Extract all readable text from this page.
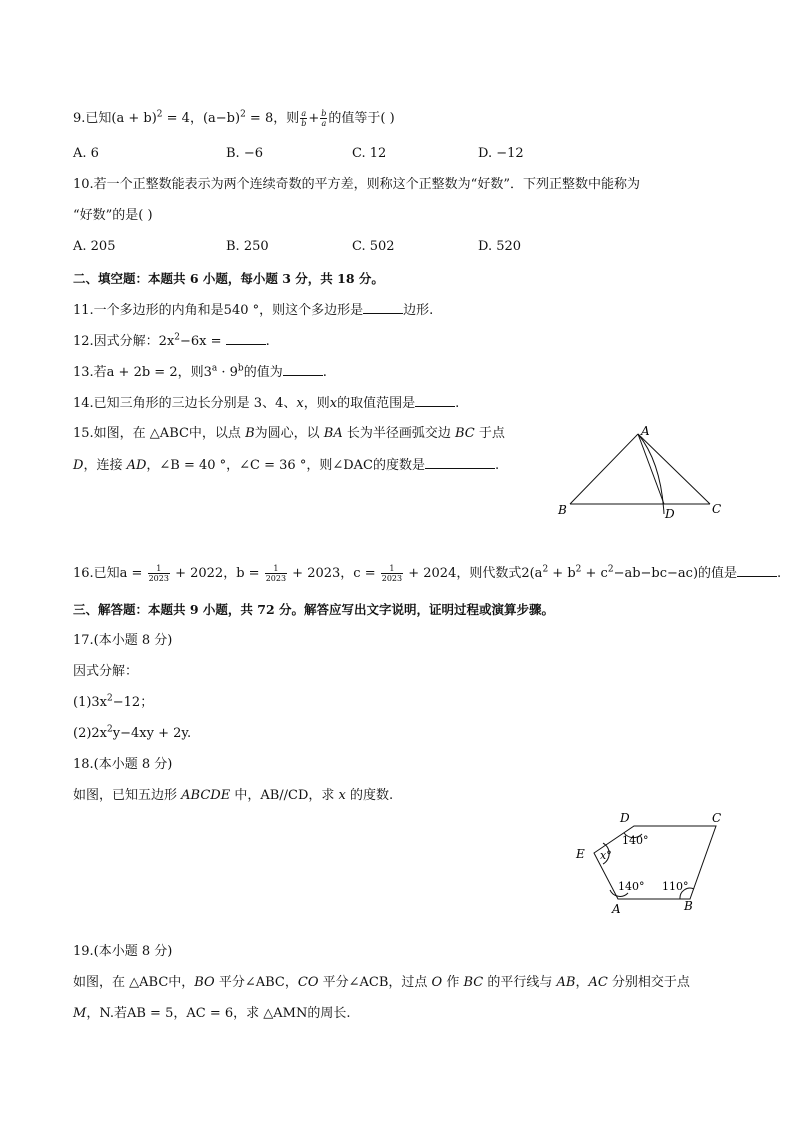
9.已知$(a + b)^2 = 4$，$(a-b)^2 = 8$，则 $\frac{a}{b} + \frac{b}{a}$ 的值等于( )
A. 6	B. −6	C. 12	D. −12
10.若一个正整数能表示为两个连续奇数的平方差，则称这个正整数为“好数”．下列正整数中能称为
“好数”的是( )
A. 205	B. 250	C. 502	D. 520
二、填空题：本题共 6 小题，每小题 3 分，共 18 分。
11.一个多边形的内角和是540 °，则这个多边形是	边形.
12.因式分解：$2x^2-6x$ =	.
13.若a + 2b = 2，则$3^a \cdot 9^b$的值为	.
14.已知三角形的三边长分别是 3、4、x，则x的取值范围是	.
15.如图，在 △ABC中，以点 B为圆心，以 BA 长为半径画弧交边 BC 于点
D，连接 AD，∠B = 40 °，∠C = 36 °，则∠DAC的度数是	.
A
B	C
D
16.已知$a = \frac{1}{2023} + 2022$，$b = \frac{1}{2023} + 2023$，$c = \frac{1}{2023} + 2024$，则代数式$2(a^2 + b^2 + c^2-ab-bc-ac)$的值是	.
三、解答题：本题共 9 小题，共 72 分。解答应写出文字说明，证明过程或演算步骤。
17.(本小题 8 分)
因式分解：
$(1)3x^2-12$；
$(2)2x^2y-4xy + 2y$.
18.(本小题 8 分)
如图，已知五边形 ABCDE 中，AB//CD，求 x 的度数.
D	C
E
A	B
140°
x°
140° 110°
19.(本小题 8 分)
如图，在 △ABC中，BO 平分∠ABC，CO 平分∠ACB，过点 O 作 BC 的平行线与 AB，AC 分别相交于点
M，N.若AB = 5，AC = 6，求 △AMN的周长.
